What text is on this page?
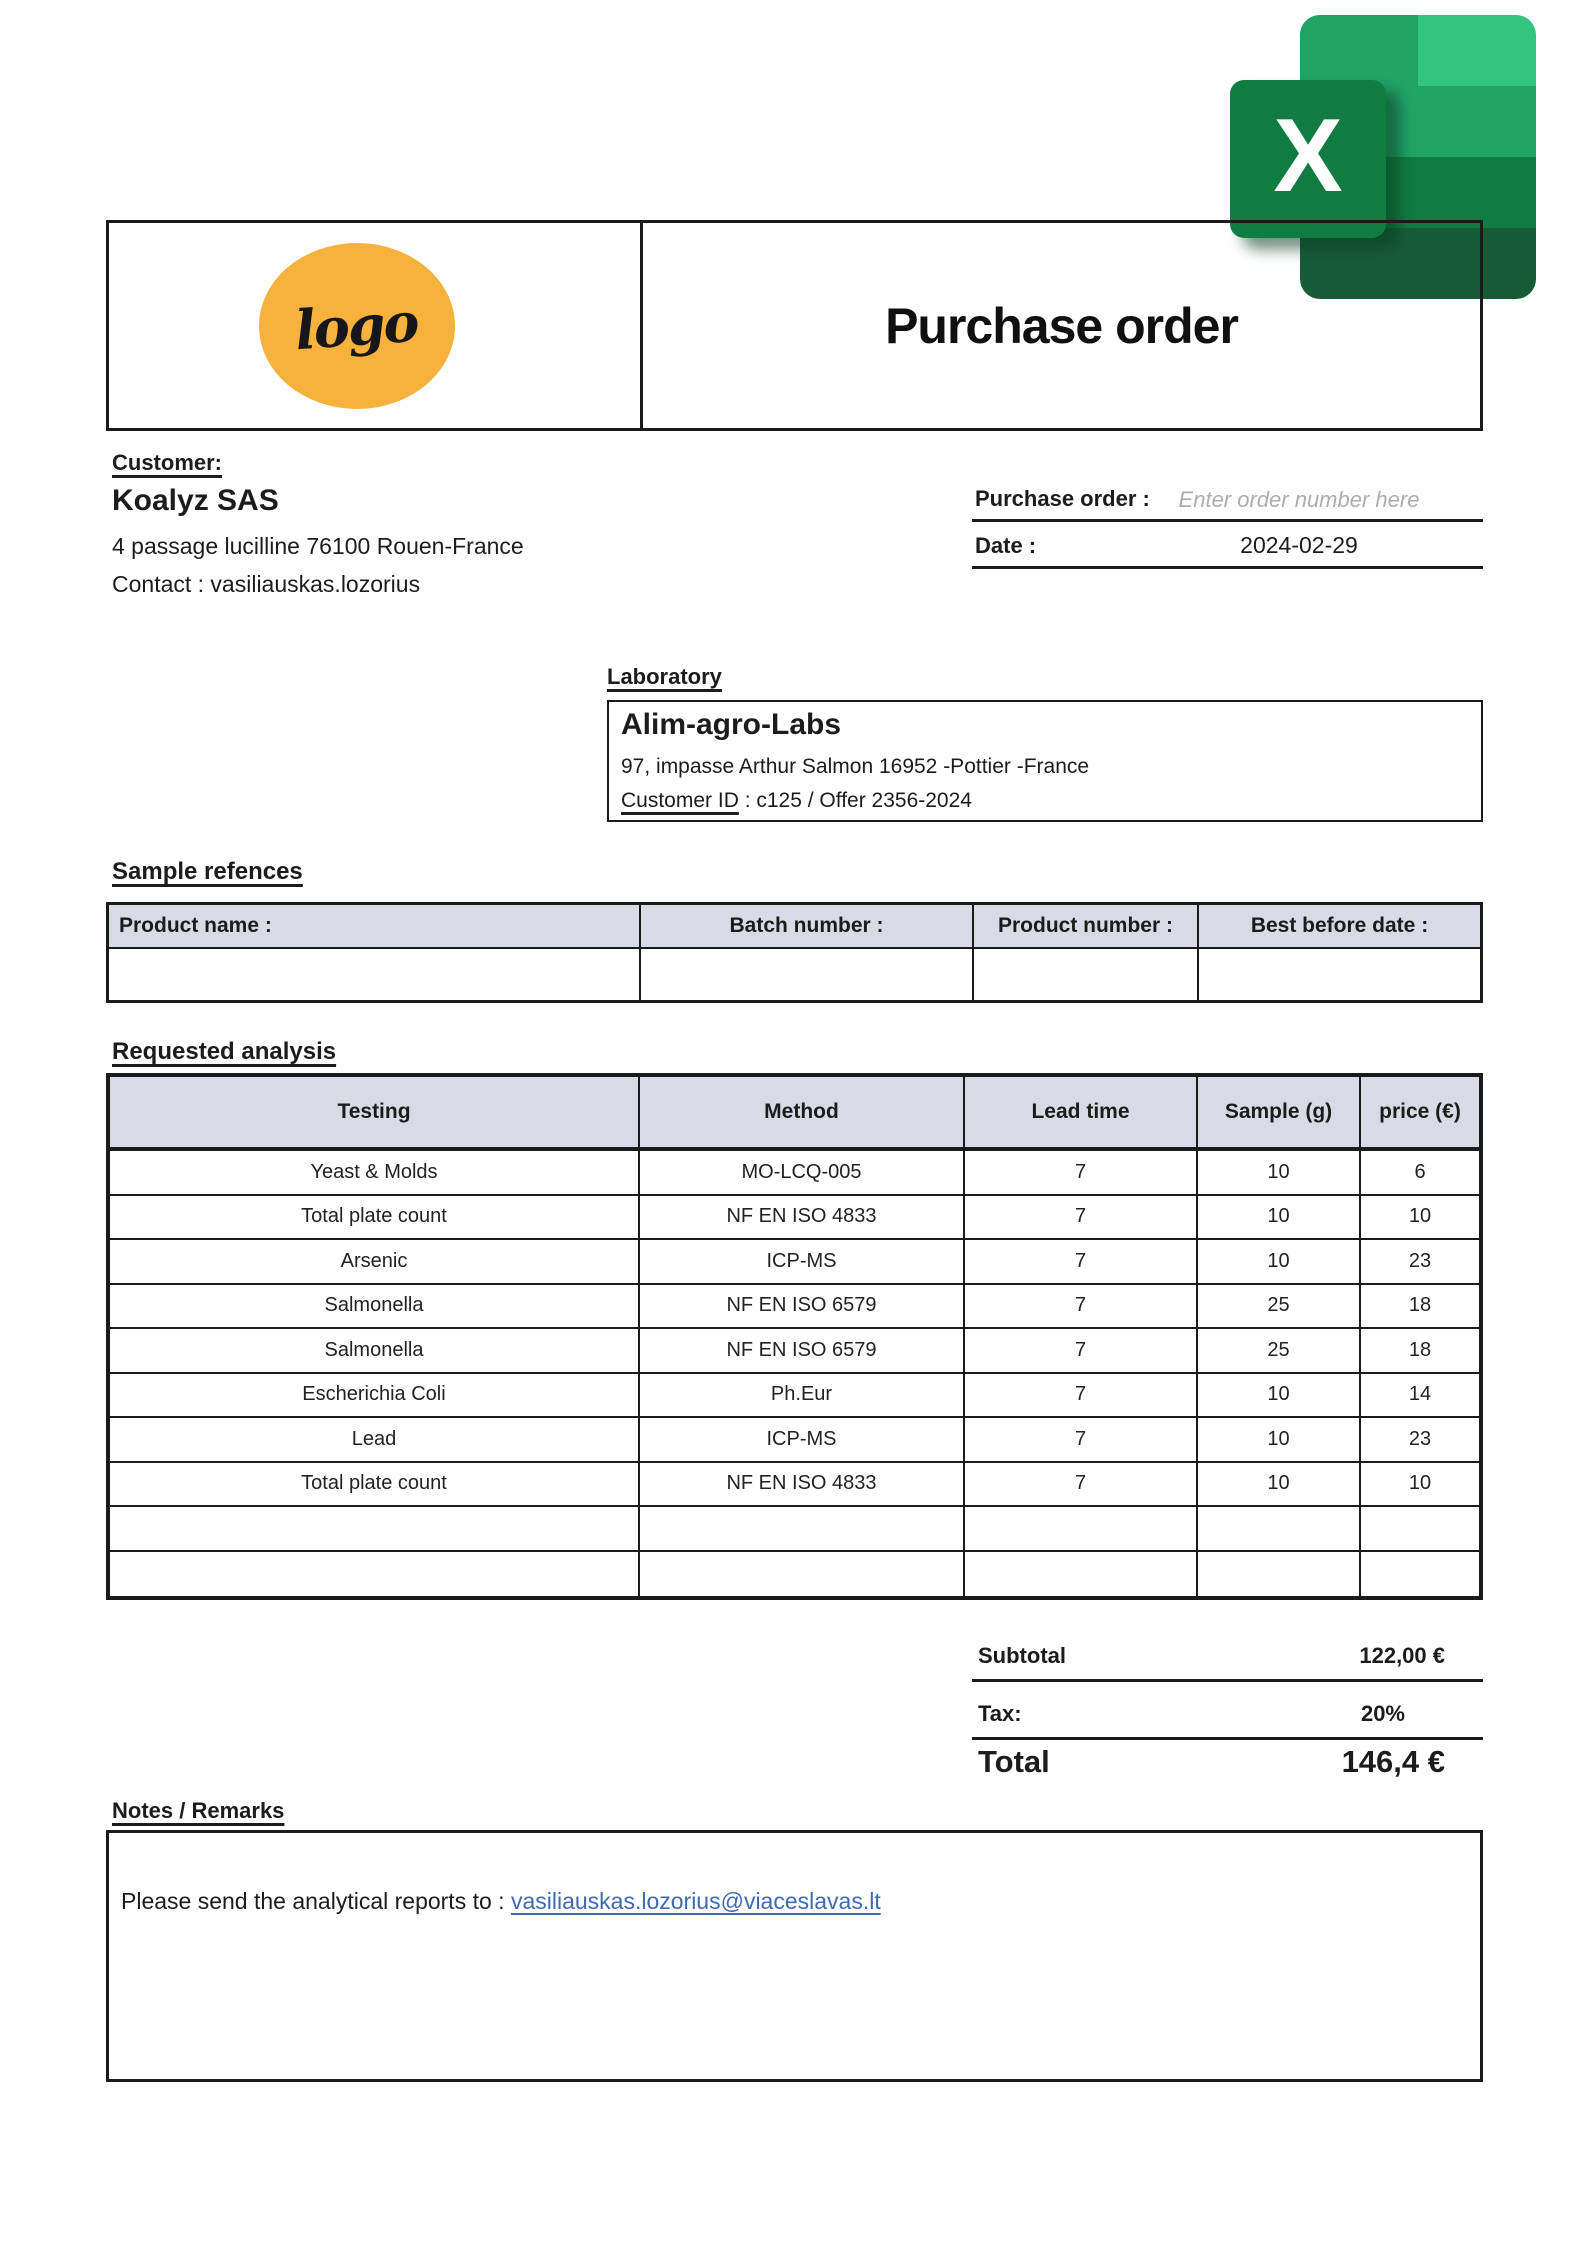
X
logo	Purchase order
Customer:
Koalyz SAS
4 passage lucilline 76100 Rouen-France
Contact : vasiliauskas.lozorius
Purchase order :	Enter order number here
Date :	2024-02-29
Laboratory
Alim-agro-Labs
97, impasse Arthur Salmon 16952 -Pottier -France
Customer ID : c125 / Offer 2356-2024
Sample refences
Product name :	Batch number :	Product number :	Best before date :
Requested analysis
Testing	Method	Lead time	Sample (g)	price (€)
Yeast & Molds	MO-LCQ-005	7	10	6
Total plate count	NF EN ISO 4833	7	10	10
Arsenic	ICP-MS	7	10	23
Salmonella	NF EN ISO 6579	7	25	18
Salmonella	NF EN ISO 6579	7	25	18
Escherichia Coli	Ph.Eur	7	10	14
Lead	ICP-MS	7	10	23
Total plate count	NF EN ISO 4833	7	10	10
Subtotal	122,00 €
Tax:	20%
Total	146,4 €
Notes / Remarks
Please send the analytical reports to : vasiliauskas.lozorius@viaceslavas.lt
